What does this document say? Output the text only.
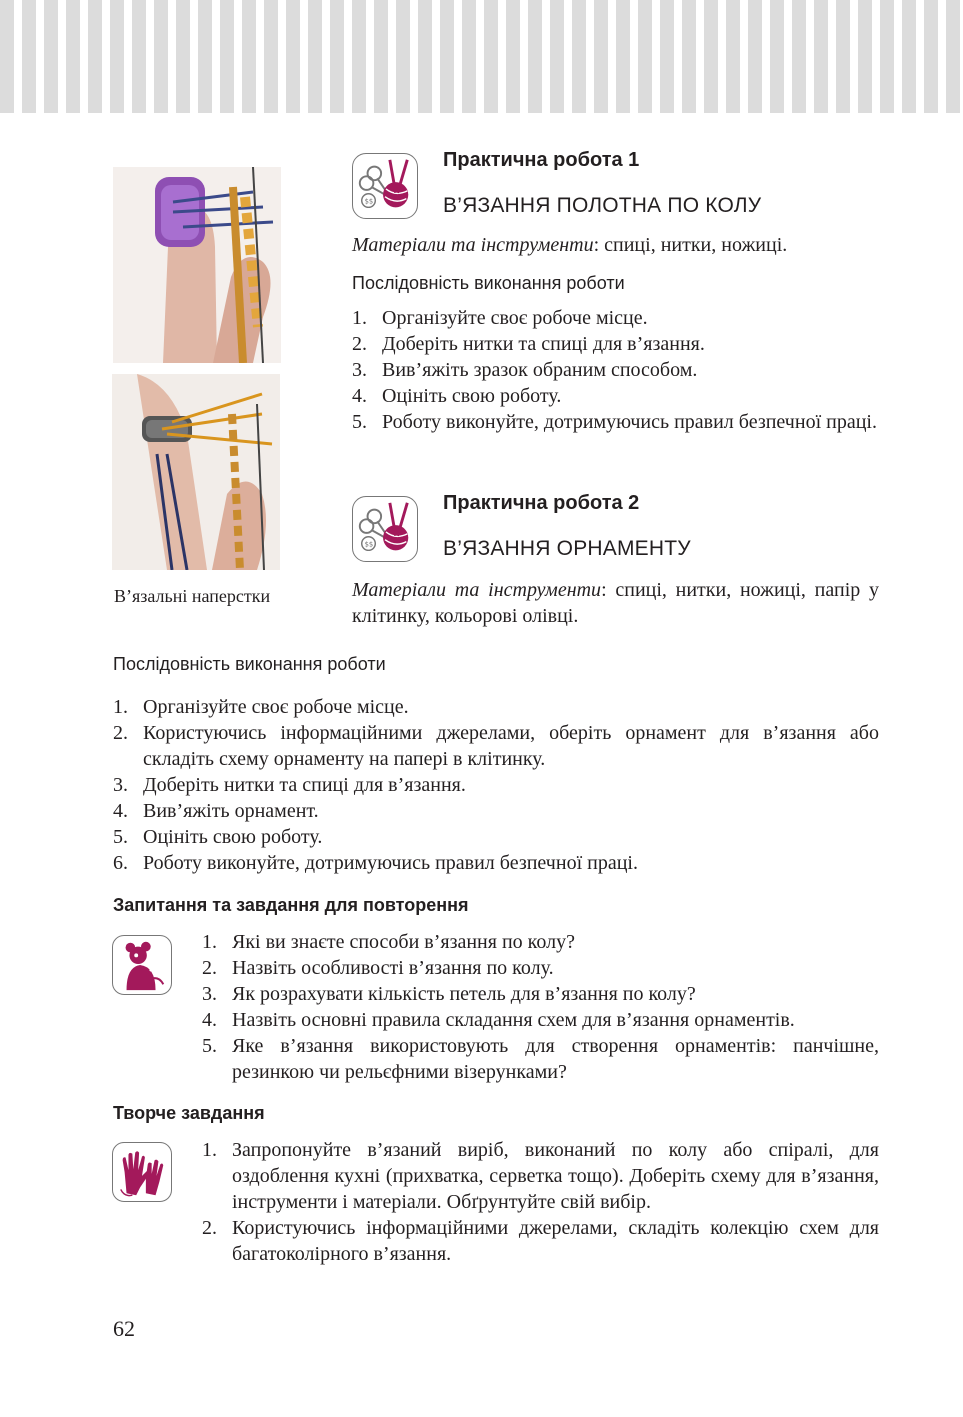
В’язальні наперстки
$$
Практична робота 1
В’ЯЗАННЯ ПОЛОТНА ПО КОЛУ
Матеріали та інструменти: спиці, нитки, ножиці.
Послідовність виконання роботи
1. Організуйте своє робоче місце.
2. Доберіть нитки та спиці для в’язання.
3. Вив’яжіть зразок обраним способом.
4. Оцініть свою роботу.
5. Роботу виконуйте, дотримуючись правил безпечної праці.
$$
Практична робота 2
В’ЯЗАННЯ ОРНАМЕНТУ
Матеріали та інструменти: спиці, нитки, ножиці, папір у клітинку, кольорові олівці.
Послідовність виконання роботи
1. Організуйте своє робоче місце.
2. Користуючись інформаційними джерелами, оберіть орнамент для в’язання або складіть схему орнаменту на папері в клітинку.
3. Доберіть нитки та спиці для в’язання.
4. Вив’яжіть орнамент.
5. Оцініть свою роботу.
6. Роботу виконуйте, дотримуючись правил безпечної праці.
Запитання та завдання для повторення
1. Які ви знаєте способи в’язання по колу?
2. Назвіть особливості в’язання по колу.
3. Як розрахувати кількість петель для в’язання по колу?
4. Назвіть основні правила складання схем для в’язання орнаментів.
5. Яке в’язання використовують для створення орнаментів: панчішне, резинкою чи рельєфними візерунками?
Творче завдання
1. Запропонуйте в’язаний виріб, виконаний по колу або спіралі, для оздоблення кухні (прихватка, серветка тощо). Доберіть схему для в’язання, інструменти і матеріали. Обґрунтуйте свій вибір.
2. Користуючись інформаційними джерелами, складіть колекцію схем для багатоколірного в’язання.
62
